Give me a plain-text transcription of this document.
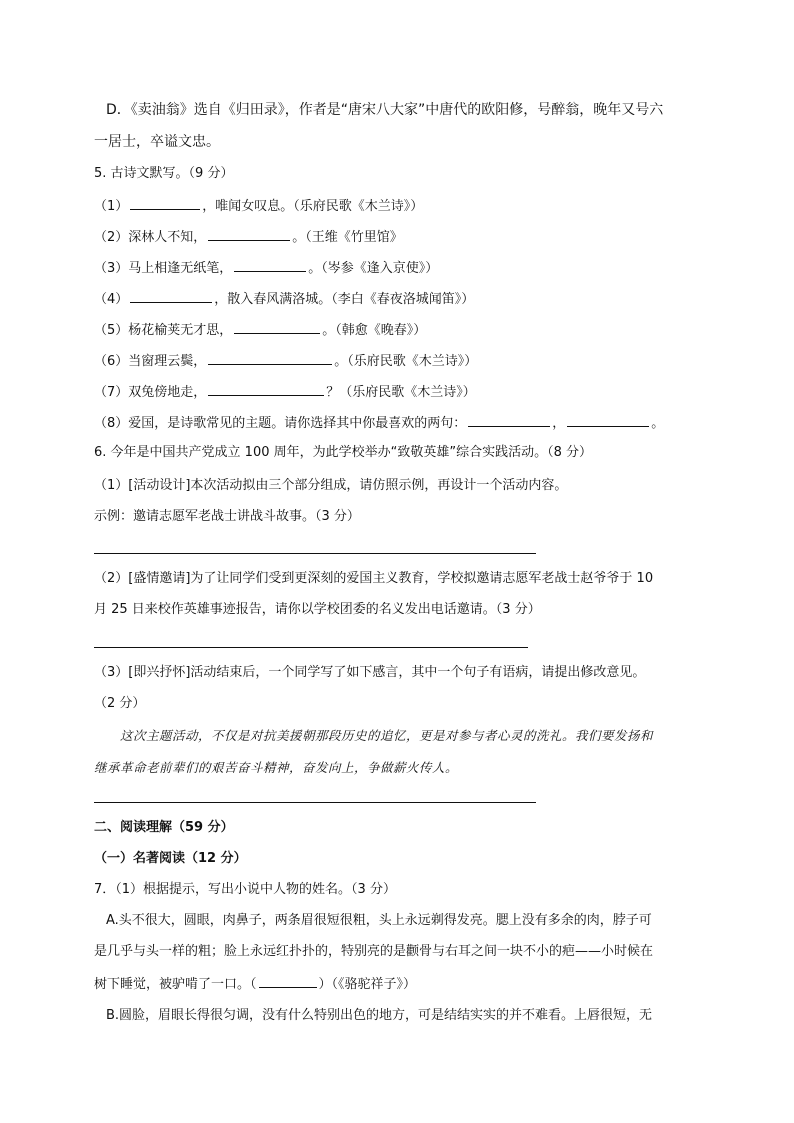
D．《卖油翁》选自《归田录》，作者是“唐宋八大家”中唐代的欧阳修，号醉翁，晚年又号六
一居士，卒谥文忠。
5. 古诗文默写。（9 分）
（1）	，唯闻女叹息。（乐府民歌《木兰诗》）
（2）深林人不知，	。（王维《竹里馆》
（3）马上相逢无纸笔，	。（岑参《逢入京使》）
（4）	，散入春风满洛城。（李白《春夜洛城闻笛》）
（5）杨花榆荚无才思，	。（韩愈《晚春》）
（6）当窗理云鬓，	。（乐府民歌《木兰诗》）
（7）双兔傍地走，	？（乐府民歌《木兰诗》）
（8）爱国，是诗歌常见的主题。请你选择其中你最喜欢的两句：	，	。
6. 今年是中国共产党成立 100 周年，为此学校举办“致敬英雄”综合实践活动。（8 分）
（1）[活动设计]本次活动拟由三个部分组成，请仿照示例，再设计一个活动内容。
示例：邀请志愿军老战士讲战斗故事。（3 分）
（2）[盛情邀请]为了让同学们受到更深刻的爱国主义教育，学校拟邀请志愿军老战士赵爷爷于 10
月 25 日来校作英雄事迹报告，请你以学校团委的名义发出电话邀请。（3 分）
（3）[即兴抒怀]活动结束后，一个同学写了如下感言，其中一个句子有语病，请提出修改意见。
（2 分）
这次主题活动，不仅是对抗美援朝那段历史的追忆，更是对参与者心灵的洗礼。我们要发扬和
继承革命老前辈们的艰苦奋斗精神，奋发向上，争做薪火传人。
二、阅读理解（59 分）
（一）名著阅读（12 分）
7．（1）根据提示，写出小说中人物的姓名。（3 分）
A.头不很大，圆眼，肉鼻子，两条眉很短很粗，头上永远剃得发亮。腮上没有多余的肉，脖子可
是几乎与头一样的粗；脸上永远红扑扑的，特别亮的是颧骨与右耳之间一块不小的疤——小时候在
树下睡觉，被驴啃了一口。（	）（《骆驼祥子》）
B.圆脸，眉眼长得很匀调，没有什么特别出色的地方，可是结结实实的并不难看。上唇很短，无
